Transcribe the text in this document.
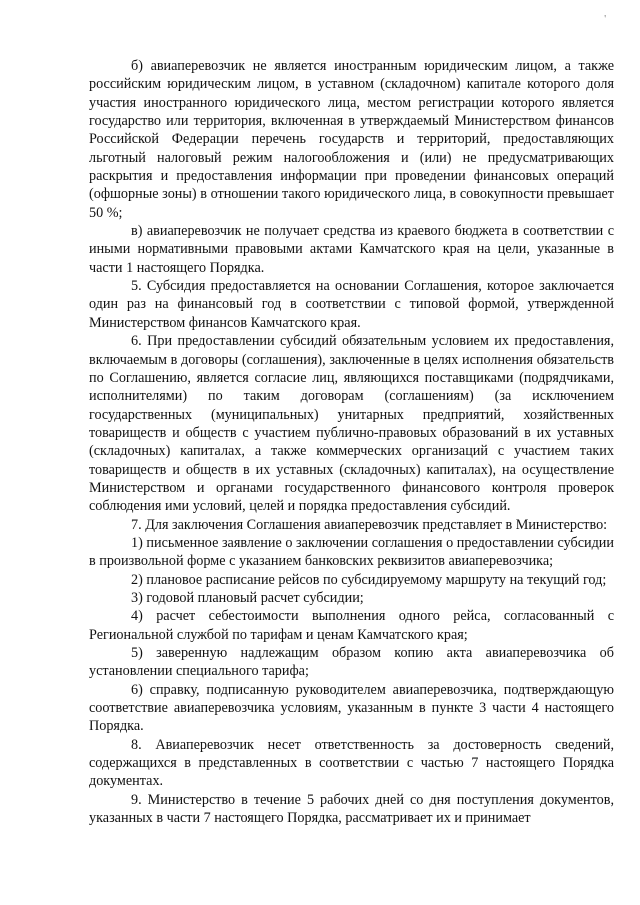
'

б) авиаперевозчик не является иностранным юридическим лицом, а также российским юридическим лицом, в уставном (складочном) капитале которого доля участия иностранного юридического лица, местом регистрации которого является государство или территория, включенная в утверждаемый Министерством финансов Российской Федерации перечень государств и территорий, предоставляющих льготный налоговый режим налогообложения и (или) не предусматривающих раскрытия и предоставления информации при проведении финансовых операций (офшорные зоны) в отношении такого юридического лица, в совокупности превышает 50 %;

в) авиаперевозчик не получает средства из краевого бюджета в соответствии с иными нормативными правовыми актами Камчатского края на цели, указанные в части 1 настоящего Порядка.

5. Субсидия предоставляется на основании Соглашения, которое заключается один раз на финансовый год в соответствии с типовой формой, утвержденной Министерством финансов Камчатского края.

6. При предоставлении субсидий обязательным условием их предоставления, включаемым в договоры (соглашения), заключенные в целях исполнения обязательств по Соглашению, является согласие лиц, являющихся поставщиками (подрядчиками, исполнителями) по таким договорам (соглашениям) (за исключением государственных (муниципальных) унитарных предприятий, хозяйственных товариществ и обществ с участием публично-правовых образований в их уставных (складочных) капиталах, а также коммерческих организаций с участием таких товариществ и обществ в их уставных (складочных) капиталах), на осуществление Министерством и органами государственного финансового контроля проверок соблюдения ими условий, целей и порядка предоставления субсидий.

7. Для заключения Соглашения авиаперевозчик представляет в Министерство:

1) письменное заявление о заключении соглашения о предоставлении субсидии в произвольной форме с указанием банковских реквизитов авиаперевозчика;

2) плановое расписание рейсов по субсидируемому маршруту на текущий год;

3) годовой плановый расчет субсидии;

4) расчет себестоимости выполнения одного рейса, согласованный с Региональной службой по тарифам и ценам Камчатского края;

5) заверенную надлежащим образом копию акта авиаперевозчика об установлении специального тарифа;

6) справку, подписанную руководителем авиаперевозчика, подтверждающую соответствие авиаперевозчика условиям, указанным в пункте 3 части 4 настоящего Порядка.

8. Авиаперевозчик несет ответственность за достоверность сведений, содержащихся в представленных в соответствии с частью 7 настоящего Порядка документах.

9. Министерство в течение 5 рабочих дней со дня поступления документов, указанных в части 7 настоящего Порядка, рассматривает их и принимает
